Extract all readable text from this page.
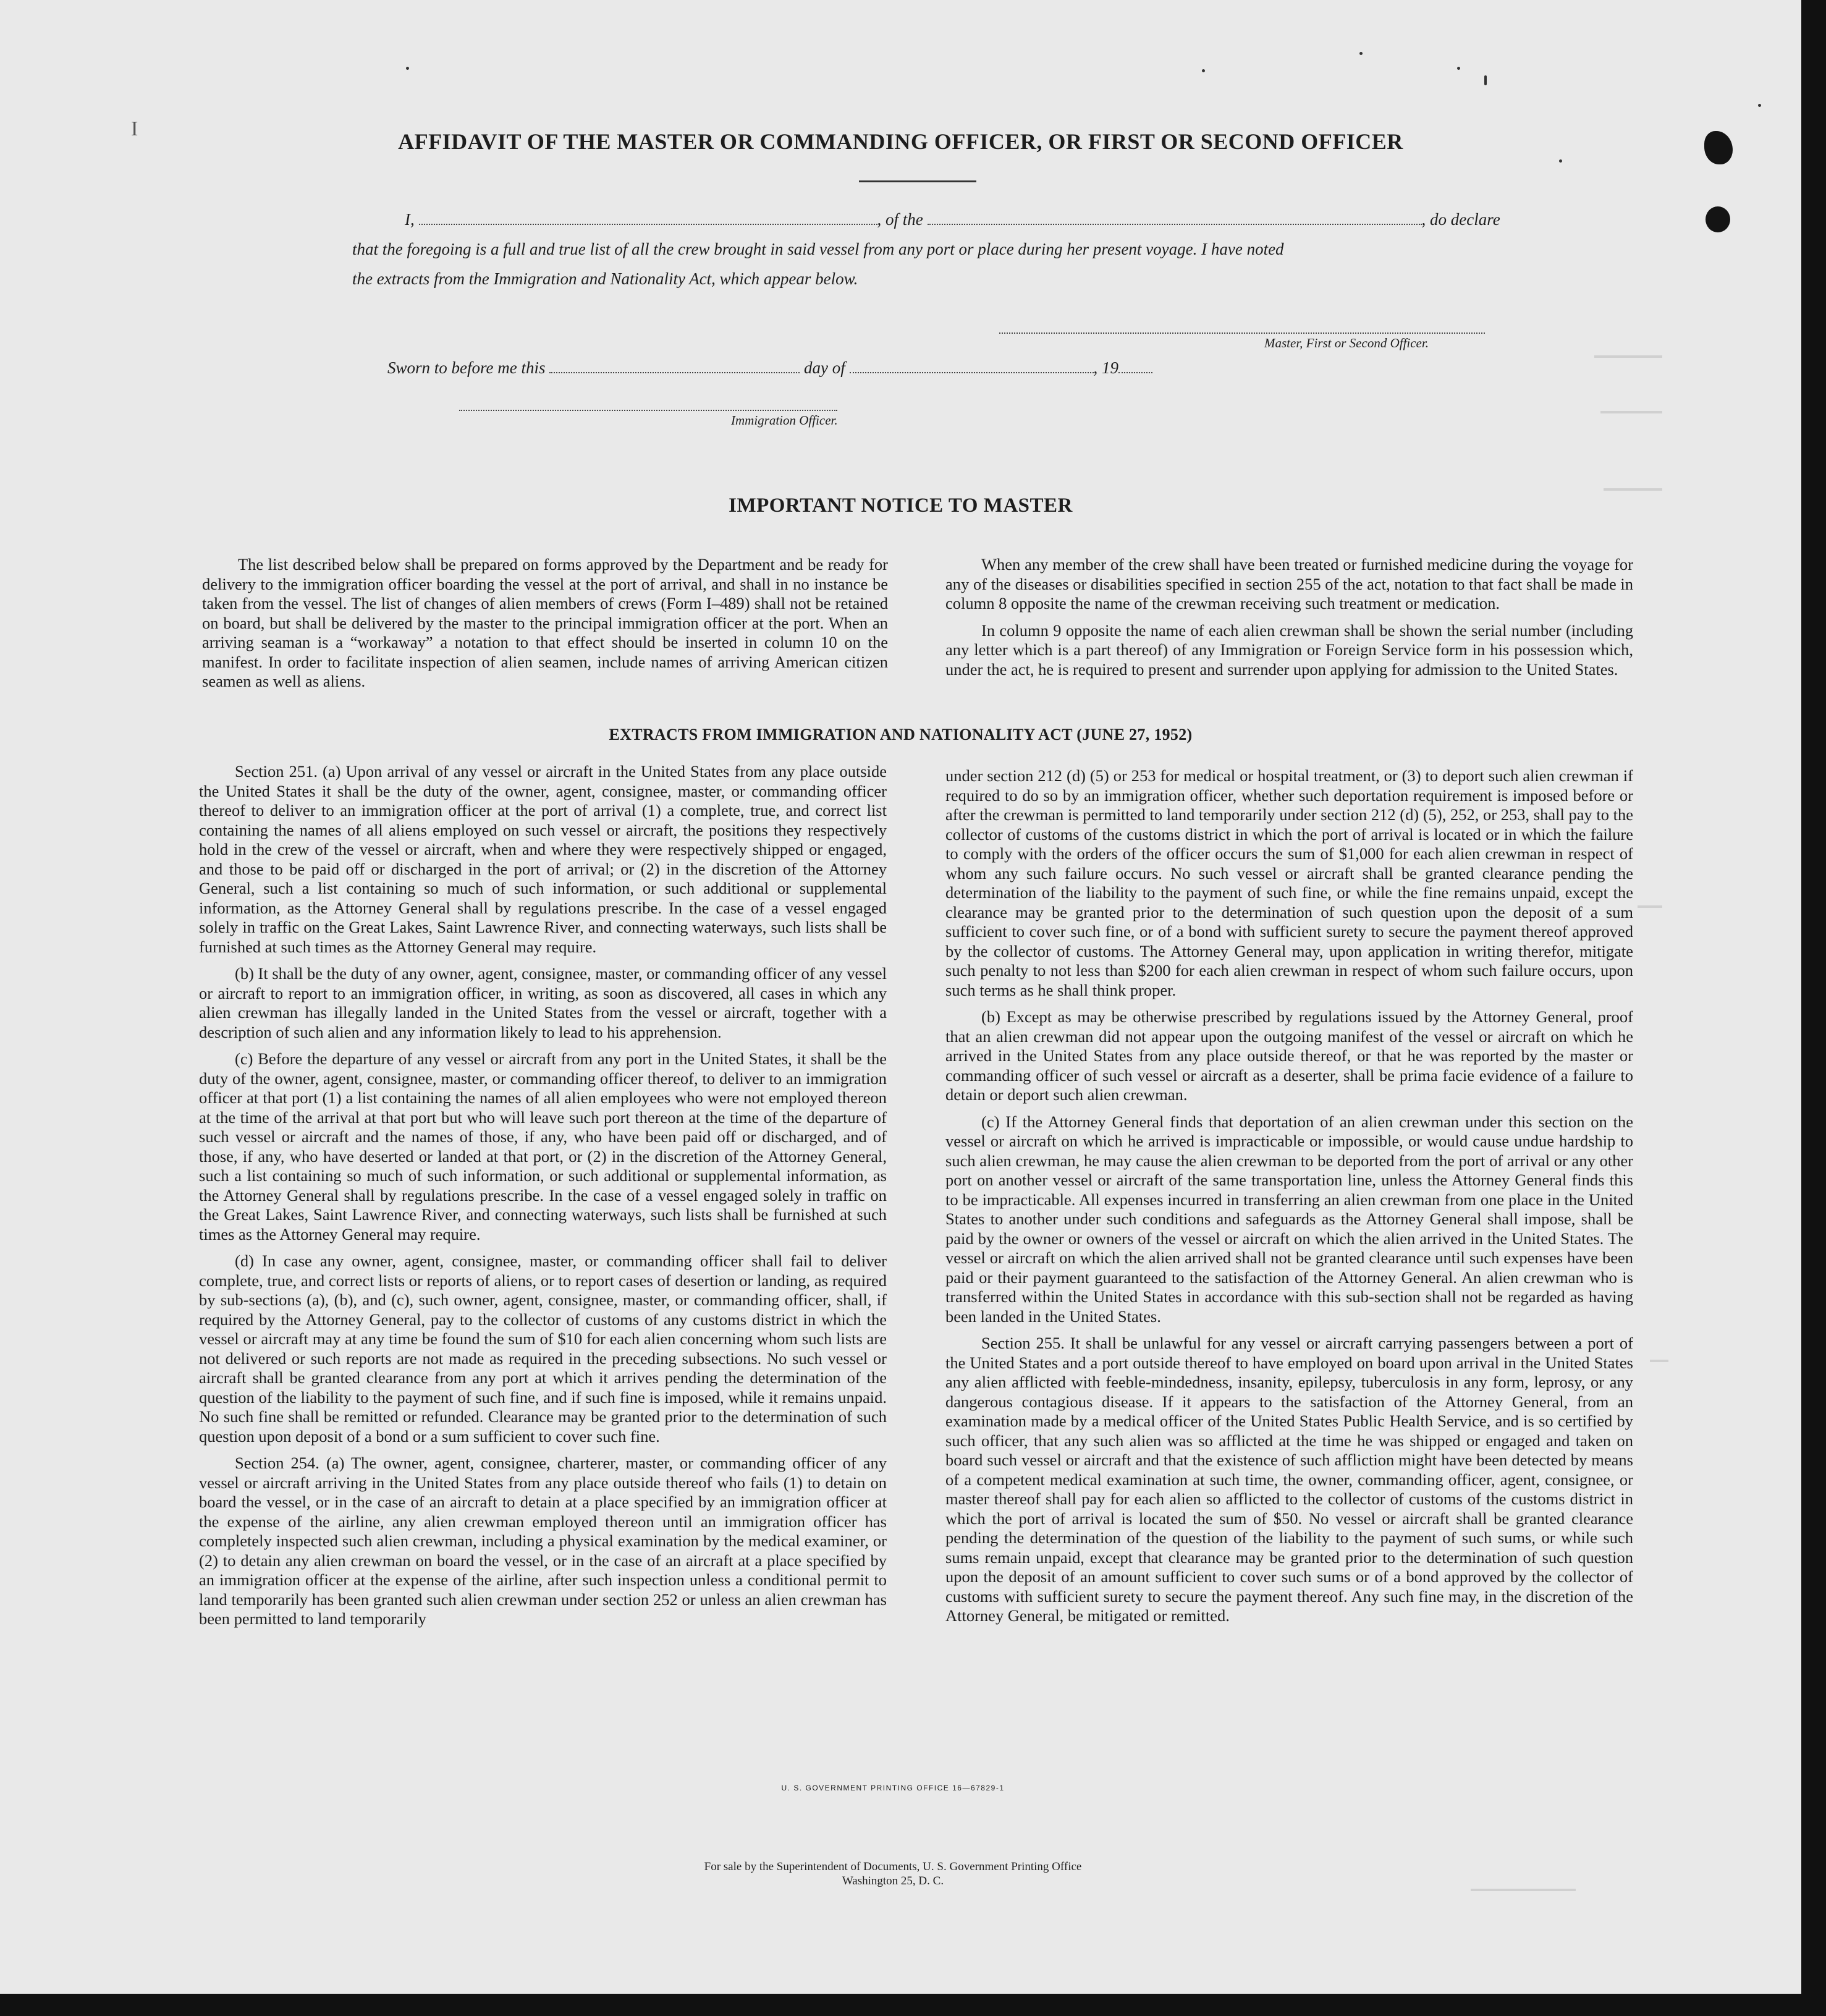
I
AFFIDAVIT OF THE MASTER OR COMMANDING OFFICER, OR FIRST OR SECOND OFFICER
I,	, of the	, do declare
that the foregoing is a full and true list of all the crew brought in said vessel from any port or place during her present voyage. I have noted
the extracts from the Immigration and Nationality Act, which appear below.
Master, First or Second Officer.
Sworn to before me this	day of	, 19
Immigration Officer.
IMPORTANT NOTICE TO MASTER

The list described below shall be prepared on forms approved by the Department and be ready for delivery to the immigration officer boarding the vessel at the port of arrival, and shall in no instance be taken from the vessel. The list of changes of alien members of crews (Form I–489) shall not be retained on board, but shall be delivered by the master to the principal immigration officer at the port. When an arriving seaman is a “workaway” a notation to that effect should be inserted in column 10 on the manifest. In order to facilitate inspection of alien seamen, include names of arriving American citizen seamen as well as aliens.

When any member of the crew shall have been treated or furnished medicine during the voyage for any of the diseases or disabilities specified in section 255 of the act, notation to that fact shall be made in column 8 opposite the name of the crewman receiving such treatment or medication.

In column 9 opposite the name of each alien crewman shall be shown the serial number (including any letter which is a part thereof) of any Immigration or Foreign Service form in his possession which, under the act, he is required to present and surrender upon applying for admission to the United States.

EXTRACTS FROM IMMIGRATION AND NATIONALITY ACT (JUNE 27, 1952)

Section 251. (a) Upon arrival of any vessel or aircraft in the United States from any place outside the United States it shall be the duty of the owner, agent, consignee, master, or commanding officer thereof to deliver to an immigration officer at the port of arrival (1) a complete, true, and correct list containing the names of all aliens employed on such vessel or aircraft, the positions they respectively hold in the crew of the vessel or aircraft, when and where they were respectively shipped or engaged, and those to be paid off or discharged in the port of arrival; or (2) in the discretion of the Attorney General, such a list containing so much of such information, or such additional or supplemental information, as the Attorney General shall by regulations prescribe. In the case of a vessel engaged solely in traffic on the Great Lakes, Saint Lawrence River, and connecting waterways, such lists shall be furnished at such times as the Attorney General may require.

(b) It shall be the duty of any owner, agent, consignee, master, or commanding officer of any vessel or aircraft to report to an immigration officer, in writing, as soon as discovered, all cases in which any alien crewman has illegally landed in the United States from the vessel or aircraft, together with a description of such alien and any information likely to lead to his apprehension.

(c) Before the departure of any vessel or aircraft from any port in the United States, it shall be the duty of the owner, agent, consignee, master, or commanding officer thereof, to deliver to an immigration officer at that port (1) a list containing the names of all alien employees who were not employed thereon at the time of the arrival at that port but who will leave such port thereon at the time of the departure of such vessel or aircraft and the names of those, if any, who have been paid off or discharged, and of those, if any, who have deserted or landed at that port, or (2) in the discretion of the Attorney General, such a list containing so much of such information, or such additional or supplemental information, as the Attorney General shall by regulations prescribe. In the case of a vessel engaged solely in traffic on the Great Lakes, Saint Lawrence River, and connecting waterways, such lists shall be furnished at such times as the Attorney General may require.

(d) In case any owner, agent, consignee, master, or commanding officer shall fail to deliver complete, true, and correct lists or reports of aliens, or to report cases of desertion or landing, as required by sub-sections (a), (b), and (c), such owner, agent, consignee, master, or commanding officer, shall, if required by the Attorney General, pay to the collector of customs of any customs district in which the vessel or aircraft may at any time be found the sum of $10 for each alien concerning whom such lists are not delivered or such reports are not made as required in the preceding subsections. No such vessel or aircraft shall be granted clearance from any port at which it arrives pending the determination of the question of the liability to the payment of such fine, and if such fine is imposed, while it remains unpaid. No such fine shall be remitted or refunded. Clearance may be granted prior to the determination of such question upon deposit of a bond or a sum sufficient to cover such fine.

Section 254. (a) The owner, agent, consignee, charterer, master, or commanding officer of any vessel or aircraft arriving in the United States from any place outside thereof who fails (1) to detain on board the vessel, or in the case of an aircraft to detain at a place specified by an immigration officer at the expense of the airline, any alien crewman employed thereon until an immigration officer has completely inspected such alien crewman, including a physical examination by the medical examiner, or (2) to detain any alien crewman on board the vessel, or in the case of an aircraft at a place specified by an immigration officer at the expense of the airline, after such inspection unless a conditional permit to land temporarily has been granted such alien crewman under section 252 or unless an alien crewman has been permitted to land temporarily

under section 212 (d) (5) or 253 for medical or hospital treatment, or (3) to deport such alien crewman if required to do so by an immigration officer, whether such deportation requirement is imposed before or after the crewman is permitted to land temporarily under section 212 (d) (5), 252, or 253, shall pay to the collector of customs of the customs district in which the port of arrival is located or in which the failure to comply with the orders of the officer occurs the sum of $1,000 for each alien crewman in respect of whom any such failure occurs. No such vessel or aircraft shall be granted clearance pending the determination of the liability to the payment of such fine, or while the fine remains unpaid, except the clearance may be granted prior to the determination of such question upon the deposit of a sum sufficient to cover such fine, or of a bond with sufficient surety to secure the payment thereof approved by the collector of customs. The Attorney General may, upon application in writing therefor, mitigate such penalty to not less than $200 for each alien crewman in respect of whom such failure occurs, upon such terms as he shall think proper.

(b) Except as may be otherwise prescribed by regulations issued by the Attorney General, proof that an alien crewman did not appear upon the outgoing manifest of the vessel or aircraft on which he arrived in the United States from any place outside thereof, or that he was reported by the master or commanding officer of such vessel or aircraft as a deserter, shall be prima facie evidence of a failure to detain or deport such alien crewman.

(c) If the Attorney General finds that deportation of an alien crewman under this section on the vessel or aircraft on which he arrived is impracticable or impossible, or would cause undue hardship to such alien crewman, he may cause the alien crewman to be deported from the port of arrival or any other port on another vessel or aircraft of the same transportation line, unless the Attorney General finds this to be impracticable. All expenses incurred in transferring an alien crewman from one place in the United States to another under such conditions and safeguards as the Attorney General shall impose, shall be paid by the owner or owners of the vessel or aircraft on which the alien arrived in the United States. The vessel or aircraft on which the alien arrived shall not be granted clearance until such expenses have been paid or their payment guaranteed to the satisfaction of the Attorney General. An alien crewman who is transferred within the United States in accordance with this sub-section shall not be regarded as having been landed in the United States.

Section 255. It shall be unlawful for any vessel or aircraft carrying passengers between a port of the United States and a port outside thereof to have employed on board upon arrival in the United States any alien afflicted with feeble-mindedness, insanity, epilepsy, tuberculosis in any form, leprosy, or any dangerous contagious disease. If it appears to the satisfaction of the Attorney General, from an examination made by a medical officer of the United States Public Health Service, and is so certified by such officer, that any such alien was so afflicted at the time he was shipped or engaged and taken on board such vessel or aircraft and that the existence of such affliction might have been detected by means of a competent medical examination at such time, the owner, commanding officer, agent, consignee, or master thereof shall pay for each alien so afflicted to the collector of customs of the customs district in which the port of arrival is located the sum of $50. No vessel or aircraft shall be granted clearance pending the determination of the question of the liability to the payment of such sums, or while such sums remain unpaid, except that clearance may be granted prior to the determination of such question upon the deposit of an amount sufficient to cover such sums or of a bond approved by the collector of customs with sufficient surety to secure the payment thereof. Any such fine may, in the discretion of the Attorney General, be mitigated or remitted.

U. S. GOVERNMENT PRINTING OFFICE 16—67829-1
For sale by the Superintendent of Documents, U. S. Government Printing Office
Washington 25, D. C.
